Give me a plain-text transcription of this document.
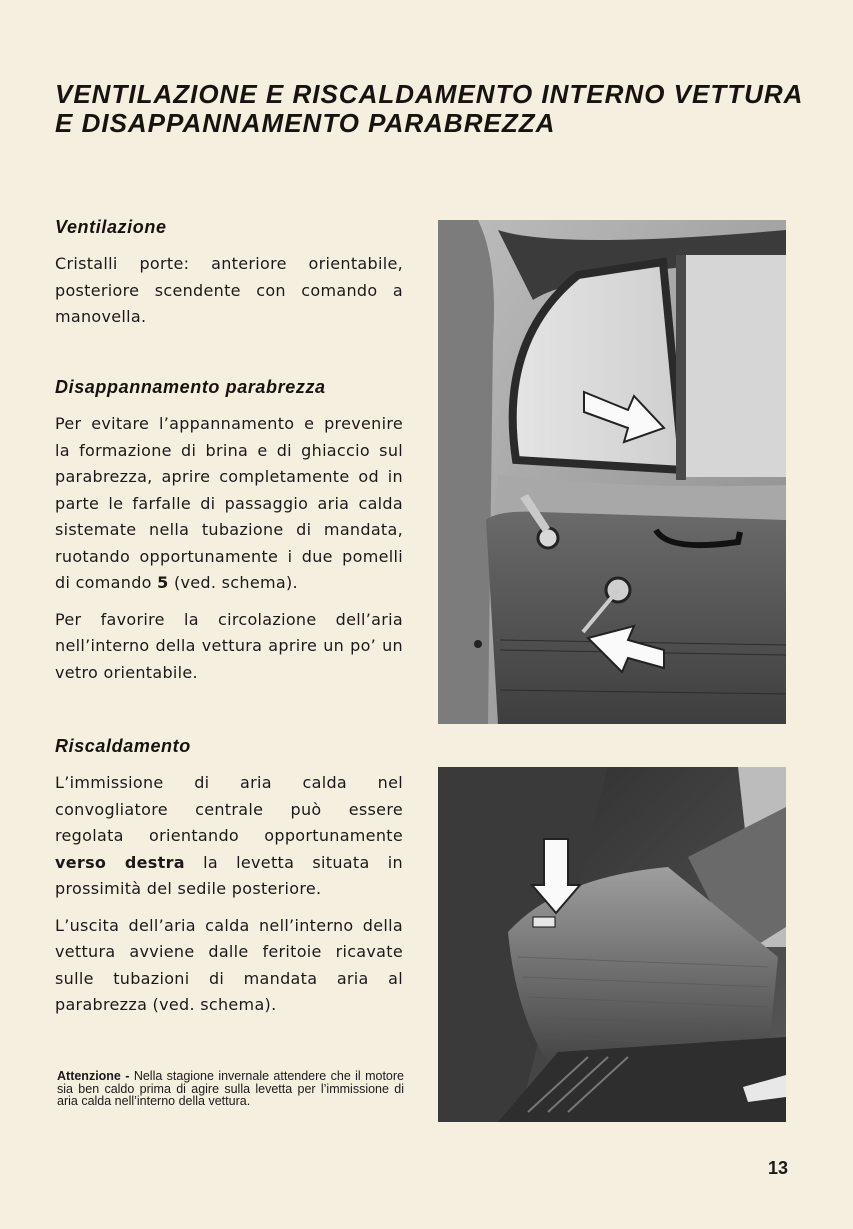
VENTILAZIONE E RISCALDAMENTO INTERNO VETTURA
E DISAPPANNAMENTO PARABREZZA
Ventilazione

Cristalli porte: anteriore orientabile, posteriore scendente con comando a manovella.

Disappannamento parabrezza

Per evitare l’appannamento e prevenire la formazione di brina e di ghiaccio sul parabrezza, aprire completamente od in parte le farfalle di passaggio aria calda sistemate nella tubazione di mandata, ruotando opportunamente i due pomelli di comando 5 (ved. schema).

Per favorire la circolazione dell’aria nell’interno della vettura aprire un po’ un vetro orientabile.

Riscaldamento

L’immissione di aria calda nel convogliatore centrale può essere regolata orientando opportunamente verso destra la levetta situata in prossimità del sedile posteriore.

L’uscita dell’aria calda nell’interno della vettura avviene dalle feritoie ricavate sulle tubazioni di mandata aria al parabrezza (ved. schema).

Attenzione - Nella stagione invernale attendere che il motore sia ben caldo prima di agire sulla levetta per l’immissione di aria calda nell’interno della vettura.
13
